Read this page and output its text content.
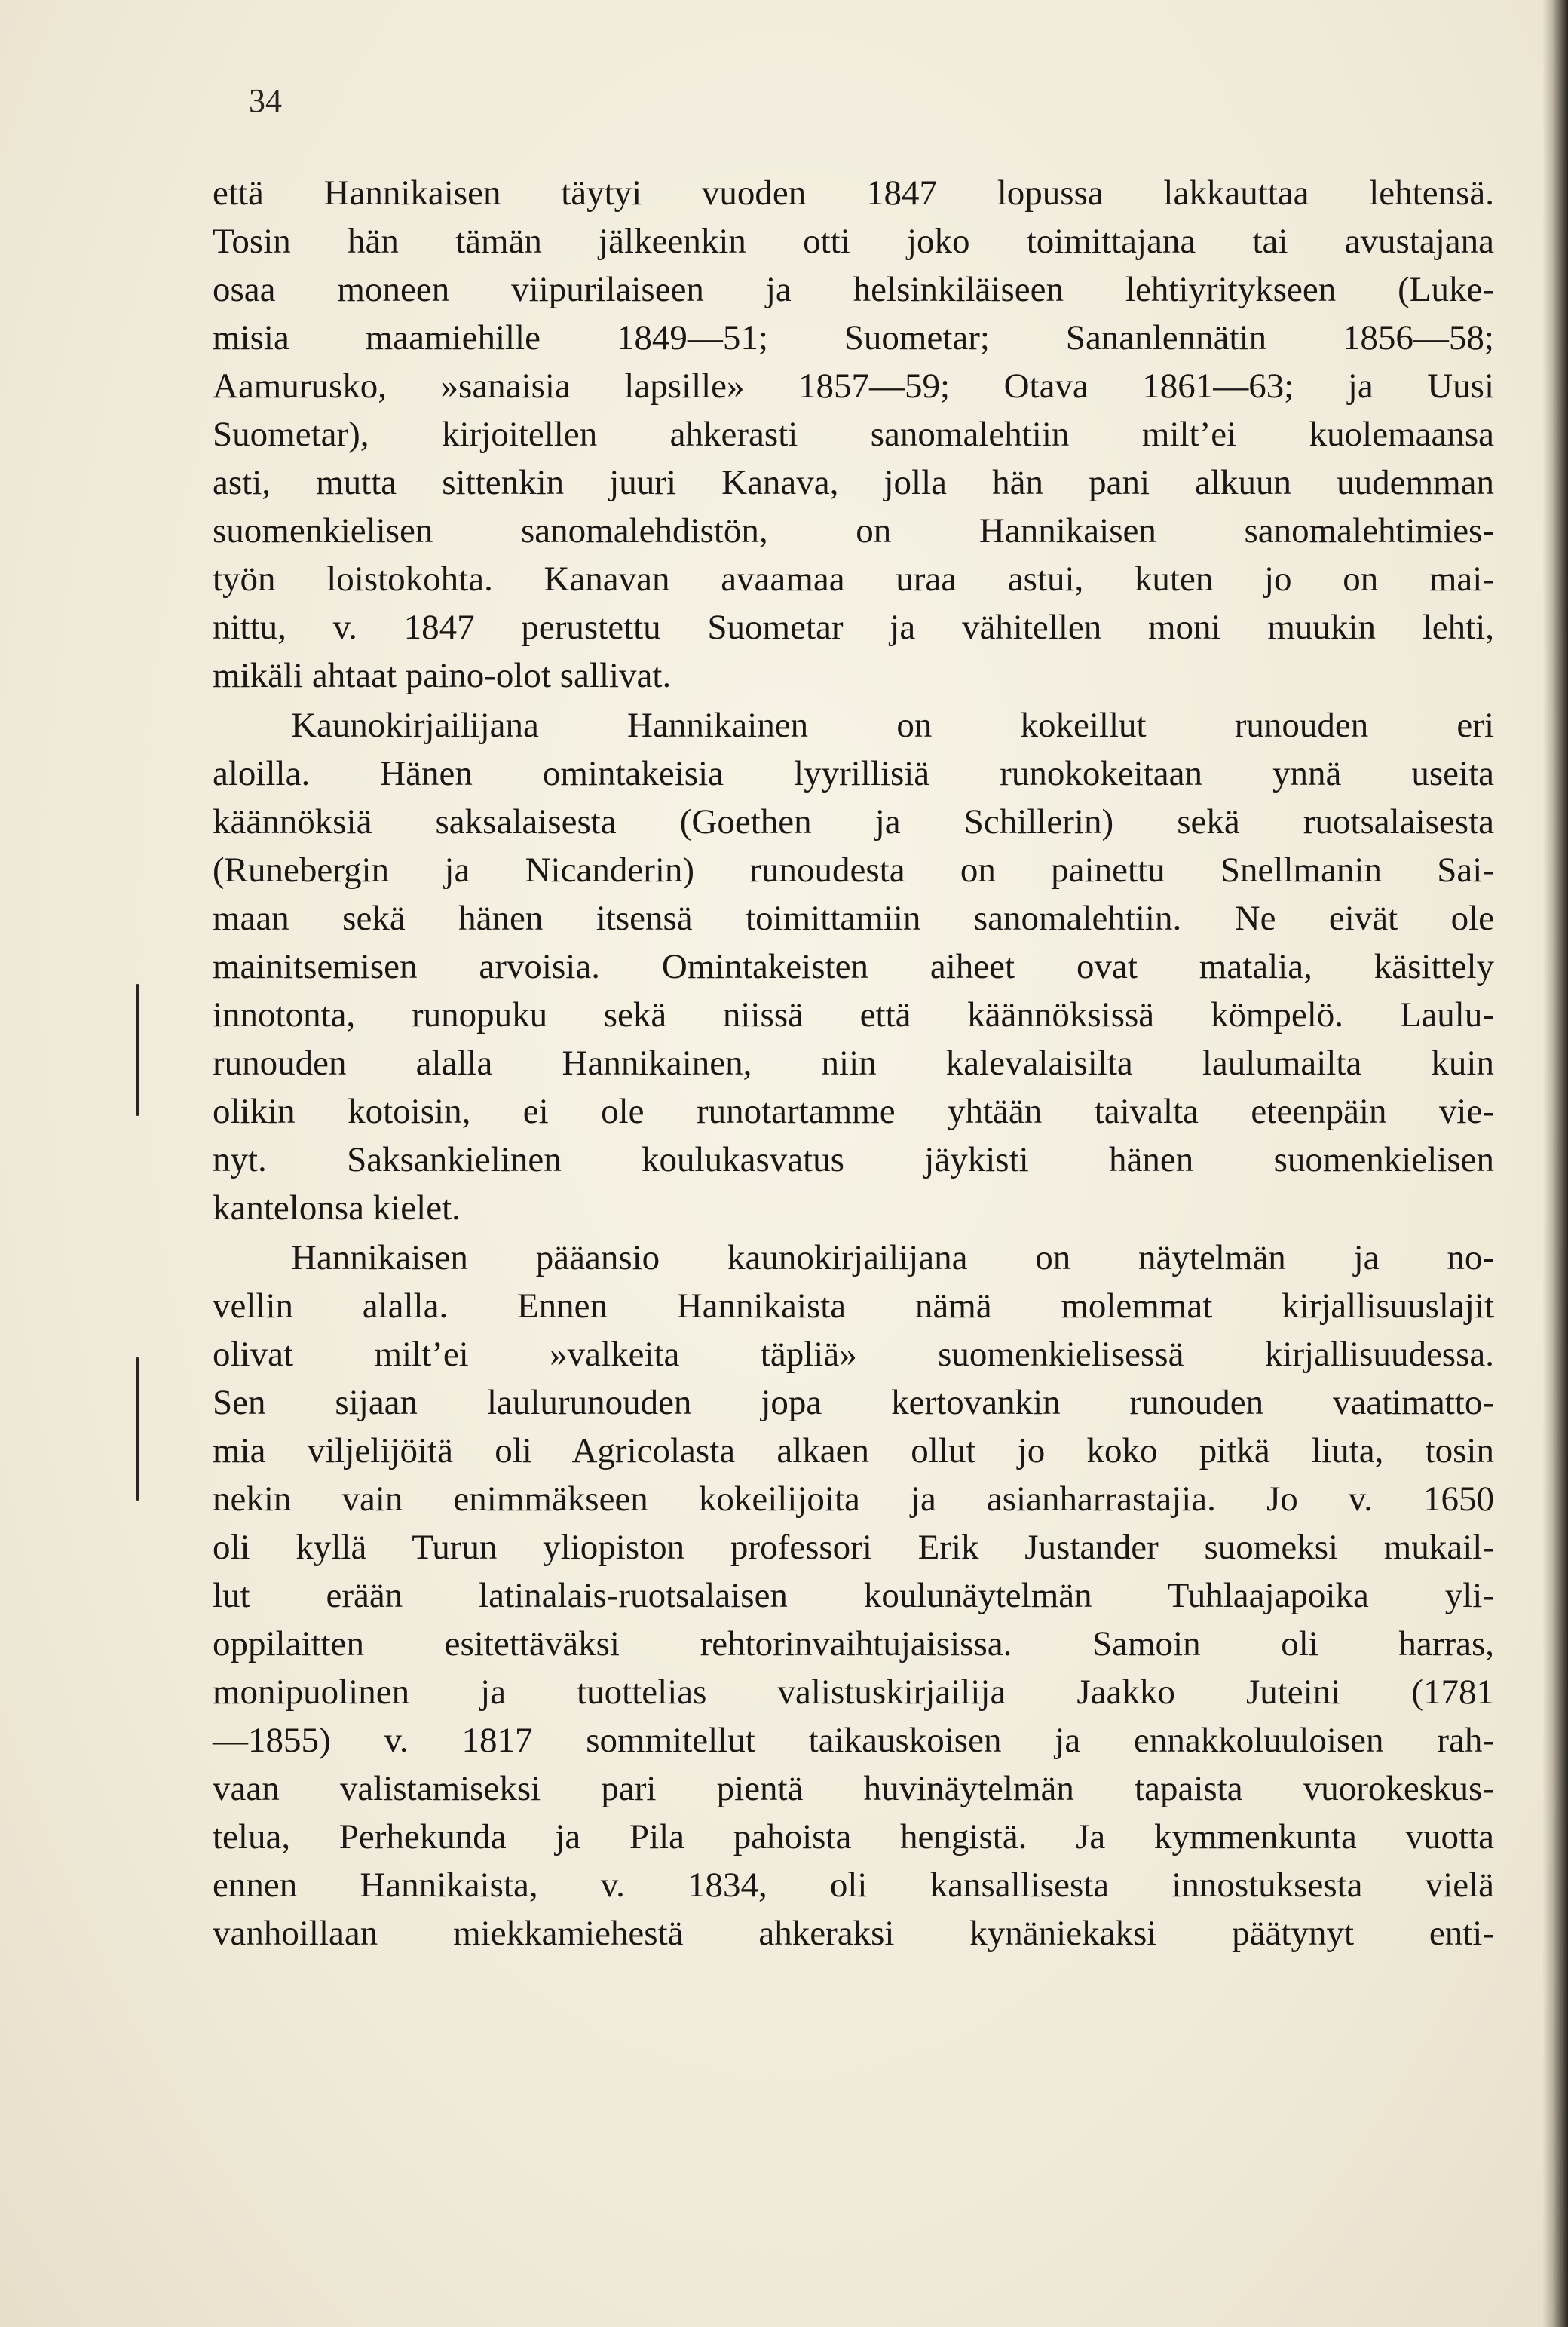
34
että Hannikaisen täytyi vuoden 1847 lopussa lakkauttaa lehtensä.
Tosin hän tämän jälkeenkin otti joko toimittajana tai avustajana
osaa moneen viipurilaiseen ja helsinkiläiseen lehtiyritykseen (Luke-
misia maamiehille 1849—51; Suometar; Sananlennätin 1856—58;
Aamurusko, »sanaisia lapsille» 1857—59; Otava 1861—63; ja Uusi
Suometar), kirjoitellen ahkerasti sanomalehtiin milt’ei kuolemaansa
asti, mutta sittenkin juuri Kanava, jolla hän pani alkuun uudemman
suomenkielisen sanomalehdistön, on Hannikaisen sanomalehtimies-
työn loistokohta. Kanavan avaamaa uraa astui, kuten jo on mai-
nittu, v. 1847 perustettu Suometar ja vähitellen moni muukin lehti,
mikäli ahtaat paino-olot sallivat.
Kaunokirjailijana Hannikainen on kokeillut runouden eri
aloilla. Hänen omintakeisia lyyrillisiä runokokeitaan ynnä useita
käännöksiä saksalaisesta (Goethen ja Schillerin) sekä ruotsalaisesta
(Runebergin ja Nicanderin) runoudesta on painettu Snellmanin Sai-
maan sekä hänen itsensä toimittamiin sanomalehtiin. Ne eivät ole
mainitsemisen arvoisia. Omintakeisten aiheet ovat matalia, käsittely
innotonta, runopuku sekä niissä että käännöksissä kömpelö. Laulu-
runouden alalla Hannikainen, niin kalevalaisilta laulumailta kuin
olikin kotoisin, ei ole runotartamme yhtään taivalta eteenpäin vie-
nyt. Saksankielinen koulukasvatus jäykisti hänen suomenkielisen
kantelonsa kielet.
Hannikaisen pääansio kaunokirjailijana on näytelmän ja no-
vellin alalla. Ennen Hannikaista nämä molemmat kirjallisuuslajit
olivat milt’ei »valkeita täpliä» suomenkielisessä kirjallisuudessa.
Sen sijaan laulurunouden jopa kertovankin runouden vaatimatto-
mia viljelijöitä oli Agricolasta alkaen ollut jo koko pitkä liuta, tosin
nekin vain enimmäkseen kokeilijoita ja asianharrastajia. Jo v. 1650
oli kyllä Turun yliopiston professori Erik Justander suomeksi mukail-
lut erään latinalais-ruotsalaisen koulunäytelmän Tuhlaajapoika yli-
oppilaitten esitettäväksi rehtorinvaihtujaisissa. Samoin oli harras,
monipuolinen ja tuottelias valistuskirjailija Jaakko Juteini (1781
—1855) v. 1817 sommitellut taikauskoisen ja ennakkoluuloisen rah-
vaan valistamiseksi pari pientä huvinäytelmän tapaista vuorokeskus-
telua, Perhekunda ja Pila pahoista hengistä. Ja kymmenkunta vuotta
ennen Hannikaista, v. 1834, oli kansallisesta innostuksesta vielä
vanhoillaan miekkamiehestä ahkeraksi kynäniekaksi päätynyt enti-
